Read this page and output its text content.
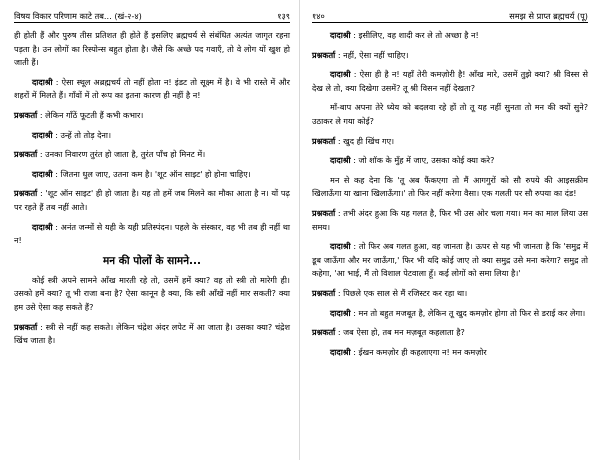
विषय विकार परिणाम काटे तब... (खं-२-४)	१३९

ही होती हैं और पुरुष तीस प्रतिशत ही होते हैं इसलिए ब्रह्मचर्य से संबंधित अत्यंत जागृत रहना पड़ता है। उन लोगों का रिस्पोन्स बहुत होता है। जैसे कि अच्छे पद गवाएँ, तो वे लोग यों खुश हो जाती हैं।

दादाश्री : ऐसा स्थूल अब्रह्मचर्य तो नहीं होता न! इंडट तो सूक्ष्म में है। वे भी रास्ते में और शहरों में मिलते हैं। गाँवों में तो रूप का इतना कारण ही नहीं है न!

प्रश्नकर्ता : लेकिन गाँठें फूटती हैं कभी कभार।

दादाश्री : उन्हें तो तोड़ देना।

प्रश्नकर्ता : उनका निवारण तुरंत हो जाता है, तुरंत पाँच हो मिनट में।

दादाश्री : जितना धुल जाए, उतना कम है। 'शूट ऑन साइट' हो होना चाहिए।

प्रश्नकर्ता : 'शूट ऑन साइट' ही हो जाता है। यह तो हमें जब मिलने का मौका आता है न। यों पढ़ पर रहते हैं तब नहीं आते।

दादाश्री : अनंत जन्मों से यही के यही प्रतिस्पंदन। पहले के संस्कार, वह भी तब ही नहीं था न!

मन की पोलों के सामने...

कोई स्त्री अपने सामने आँख मारती रहे तो, उसमें हमें क्या? वह तो स्त्री तो मारेगी ही। उसको हमें क्या? तू भी राजा बना है? ऐसा कानून है क्या, कि स्त्री आँखें नहीं मार सकती? क्या हम उसे ऐसा कह सकते हैं?

प्रश्नकर्ता : स्त्री से नहीं कह सकते। लेकिन चंद्रेश अंदर लपेट में आ जाता है। उसका क्या? चंद्रेश खिंच जाता है।

१४०	समझ से प्राप्त ब्रह्मचर्य (पू)

दादाश्री : इसीलिए, वह शादी कर ले तो अच्छा है न!

प्रश्नकर्ता : नहीं, ऐसा नहीं चाहिए।

दादाश्री : ऐसा ही है न! यहाँ तेरी कमज़ोरी है! आँख मारे, उसमें तुझे क्या? श्री विस्स से देख ले तो, क्या दिखेगा उसमें? तू श्री विसन नहीं देखता?

माँ-बाप अपना तेरे ध्येय को बदलवा रहे हों तो तू यह नहीं सुनता तो मन की क्यों सुने? उठाकर ले गया कोई?

प्रश्नकर्ता : खुद ही खिंच गए।

दादाश्री : जो शॉक के मुँह में जाए, उसका कोई क्या करे?

मन से कह देना कि 'तू अब फैंकएगा तो मैं आगगुरों को सौ रुपये की आइसक्रीम खिलाऊँगा या खाना खिलाऊँगा।' तो फिर नहीं करेगा वैसा। एक गलती पर सौ रुपया का दंड!

प्रश्नकर्ता : तभी अंदर हुआ कि यह गलत है, फिर भी उस ओर चला गया। मन का माल लिया उस समय।

दादाश्री : तो फिर अब गलत हुआ, वह जानता है। ऊपर से यह भी जानता है कि 'समुद्र में डूब जाऊँगा और मर जाऊँगा,' फिर भी यदि कोई जाए तो क्या समुद्र उसे मना करेगा? समुद्र तो कहेगा, 'आ भाई, मैं तो विशाल पेटवाला हूँ। कई लोगों को समा लिया है।'

प्रश्नकर्ता : पिछले एक साल से मैं रजिस्टर कर रहा था।

दादाश्री : मन तो बहुत मजबूत है, लेकिन तू खुद कमज़ोर होगा तो फिर से डराई कर लेगा।

प्रश्नकर्ता : जब ऐसा हो, तब मन मज़बूत कहलाता है?

दादाश्री : ईखन कमज़ोर ही कहलाएगा न! मन कमज़ोर
